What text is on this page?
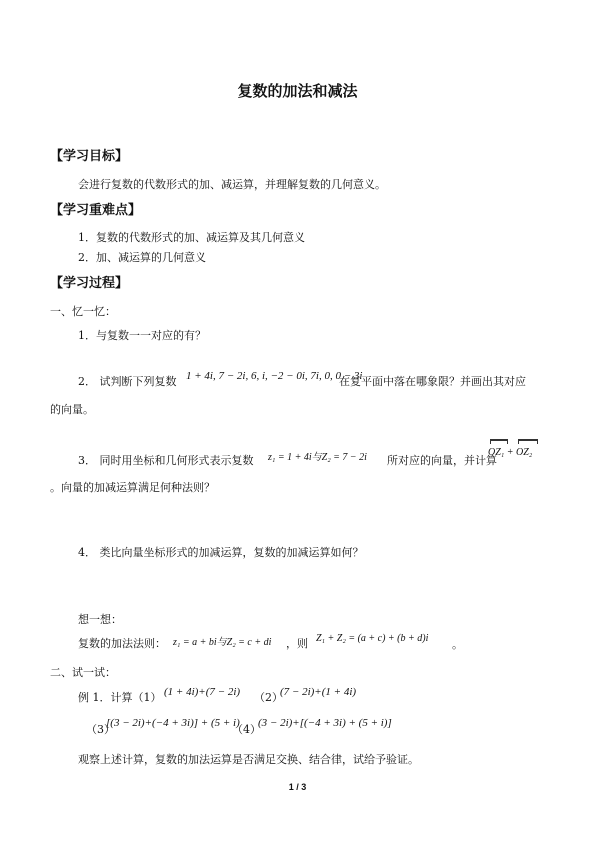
复数的加法和减法
【学习目标】
会进行复数的代数形式的加、减运算，并理解复数的几何意义。
【学习重难点】
1．复数的代数形式的加、减运算及其几何意义
2．加、减运算的几何意义
【学习过程】
一、忆一忆：
1．与复数一一对应的有？
2． 试判断下列复数 1 + 4i, 7 − 2i, 6, i, −2 − 0i, 7i, 0, 0 − 3i
在复平面中落在哪象限？并画出其对应
的向量。
3． 同时用坐标和几何形式表示复数 z₁ = 1 + 4i与Z₂ = 7 − 2i 所对应的向量，并计算
OZ₁ + OZ₂
。向量的加减运算满足何种法则？
4． 类比向量坐标形式的加减运算，复数的加减运算如何？
想一想：
复数的加法法则： z₁ = a + bi与Z₂ = c + di ，则 Z₁ + Z₂ = (a + c) + (b + d)i 。
二、试一试：
例 1．计算（1） (1 + 4i)+(7 − 2i) （2）
(7 − 2i)+(1 + 4i)
（3）
[(3 − 2i)+(−4 + 3i)] + (5 + i)
（4）
(3 − 2i)+[(−4 + 3i) + (5 + i)]
观察上述计算，复数的加法运算是否满足交换、结合律，试给予验证。
1 / 3
